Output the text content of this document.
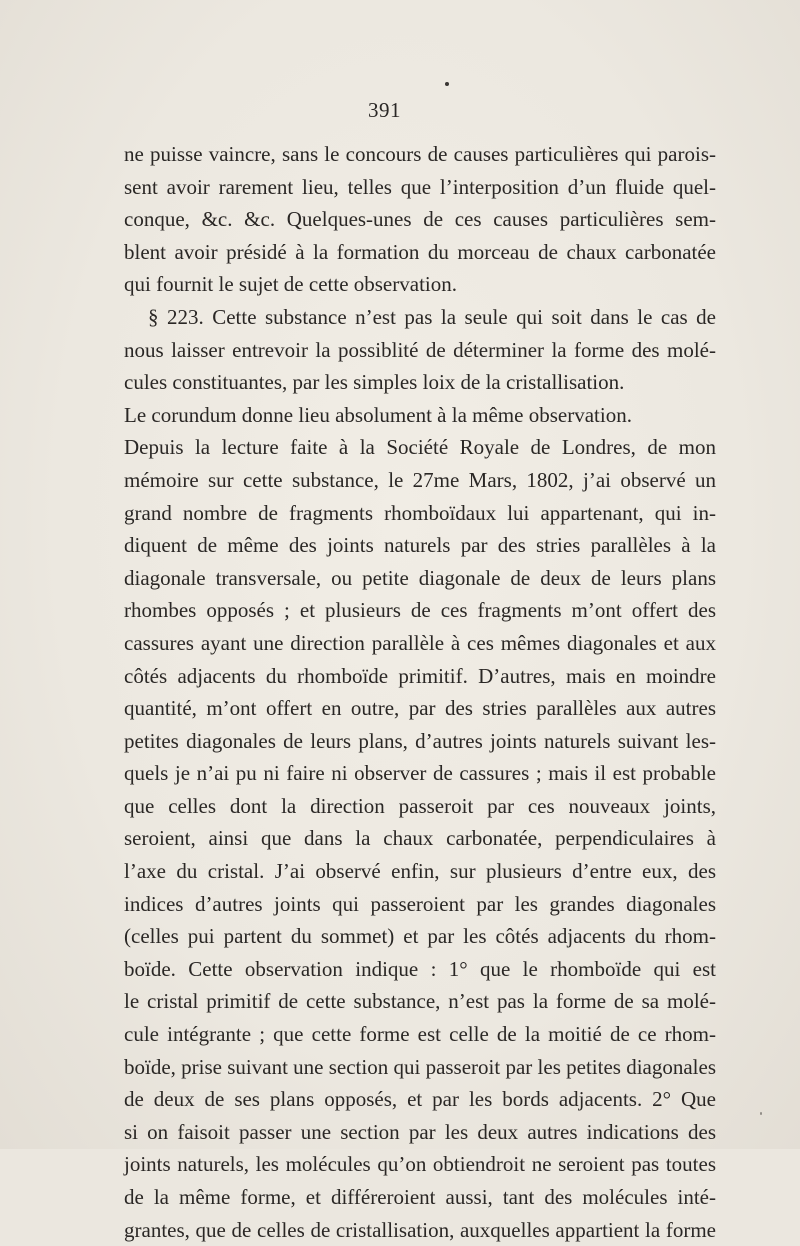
391
ne puisse vaincre, sans le concours de causes particulières qui parois-
sent avoir rarement lieu, telles que l’interposition d’un fluide quel-
conque, &c. &c. Quelques-unes de ces causes particulières sem-
blent avoir présidé à la formation du morceau de chaux carbonatée
qui fournit le sujet de cette observation.
§ 223. Cette substance n’est pas la seule qui soit dans le cas de
nous laisser entrevoir la possiblité de déterminer la forme des molé-
cules constituantes, par les simples loix de la cristallisation.
Le corundum donne lieu absolument à la même observation.
Depuis la lecture faite à la Société Royale de Londres, de mon
mémoire sur cette substance, le 27me Mars, 1802, j’ai observé un
grand nombre de fragments rhomboïdaux lui appartenant, qui in-
diquent de même des joints naturels par des stries parallèles à la
diagonale transversale, ou petite diagonale de deux de leurs plans
rhombes opposés ; et plusieurs de ces fragments m’ont offert des
cassures ayant une direction parallèle à ces mêmes diagonales et aux
côtés adjacents du rhomboïde primitif. D’autres, mais en moindre
quantité, m’ont offert en outre, par des stries parallèles aux autres
petites diagonales de leurs plans, d’autres joints naturels suivant les-
quels je n’ai pu ni faire ni observer de cassures ; mais il est probable
que celles dont la direction passeroit par ces nouveaux joints,
seroient, ainsi que dans la chaux carbonatée, perpendiculaires à
l’axe du cristal. J’ai observé enfin, sur plusieurs d’entre eux, des
indices d’autres joints qui passeroient par les grandes diagonales
(celles pui partent du sommet) et par les côtés adjacents du rhom-
boïde. Cette observation indique : 1° que le rhomboïde qui est
le cristal primitif de cette substance, n’est pas la forme de sa molé-
cule intégrante ; que cette forme est celle de la moitié de ce rhom-
boïde, prise suivant une section qui passeroit par les petites diagonales
de deux de ses plans opposés, et par les bords adjacents. 2° Que
si on faisoit passer une section par les deux autres indications des
joints naturels, les molécules qu’on obtiendroit ne seroient pas toutes
de la même forme, et différeroient aussi, tant des molécules inté-
grantes, que de celles de cristallisation, auxquelles appartient la forme
